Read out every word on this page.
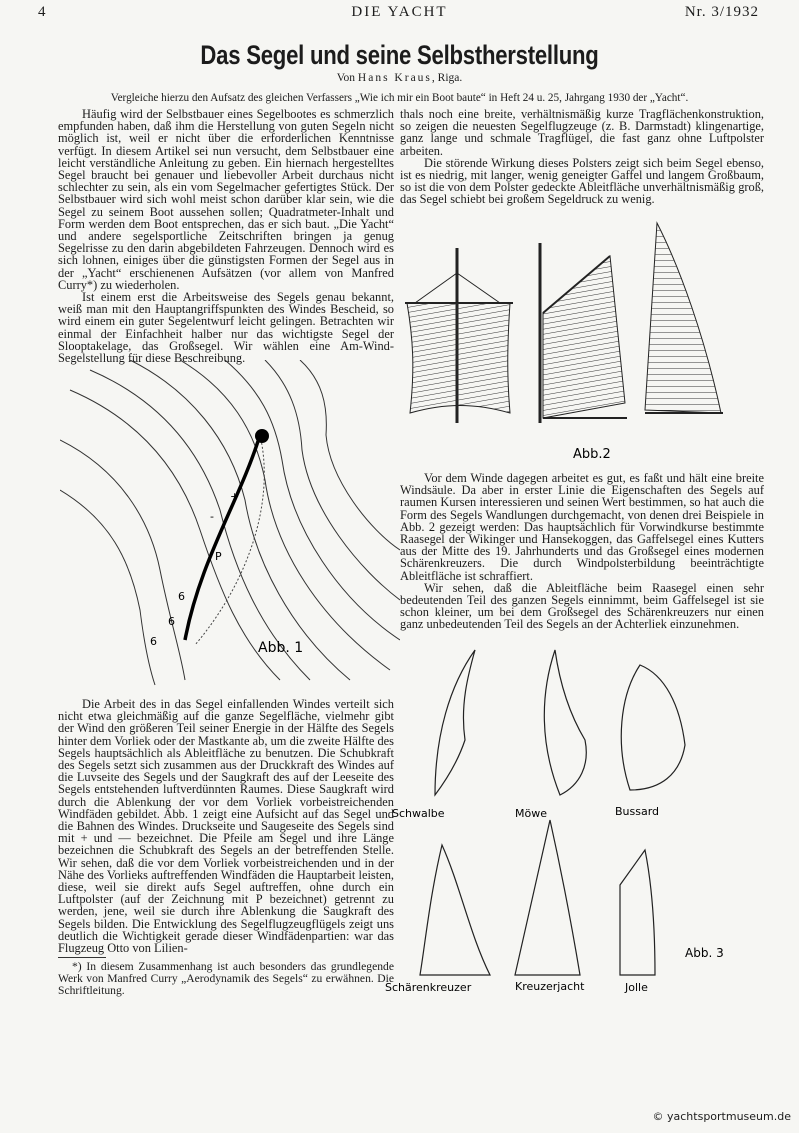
4	DIE YACHT	Nr. 3/1932
Das Segel und seine Selbstherstellung
Von Hans Kraus, Riga.
Vergleiche hierzu den Aufsatz des gleichen Verfassers „Wie ich mir ein Boot baute“ in Heft 24 u. 25, Jahrgang 1930 der „Yacht“.

Häufig wird der Selbstbauer eines Segelbootes es schmerzlich empfunden haben, daß ihm die Herstellung von guten Segeln nicht möglich ist, weil er nicht über die erforderlichen Kenntnisse verfügt. In diesem Artikel sei nun versucht, dem Selbstbauer eine leicht verständliche Anleitung zu geben. Ein hiernach hergestelltes Segel braucht bei genauer und liebevoller Arbeit durchaus nicht schlechter zu sein, als ein vom Segelmacher gefertigtes Stück. Der Selbstbauer wird sich wohl meist schon darüber klar sein, wie die Segel zu seinem Boot aussehen sollen; Quadratmeter-Inhalt und Form werden dem Boot entsprechen, das er sich baut. „Die Yacht“ und andere segelsportliche Zeitschriften bringen ja genug Segelrisse zu den darin abgebildeten Fahrzeugen. Dennoch wird es sich lohnen, einiges über die günstigsten Formen der Segel aus in der „Yacht“ erschienenen Aufsätzen (vor allem von Manfred Curry*) zu wiederholen.

Ist einem erst die Arbeitsweise des Segels genau bekannt, weiß man mit den Hauptangriffspunkten des Windes Bescheid, so wird einem ein guter Segelentwurf leicht gelingen. Betrachten wir einmal der Einfachheit halber nur das wichtigste Segel der Slooptakelage, das Großsegel. Wir wählen eine Am-Wind-Segelstellung für diese Beschreibung.

P
+
-
6
6
6	Abb. 1

Die Arbeit des in das Segel einfallenden Windes verteilt sich nicht etwa gleichmäßig auf die ganze Segelfläche, vielmehr gibt der Wind den größeren Teil seiner Energie in der Hälfte des Segels hinter dem Vorliek oder der Mastkante ab, um die zweite Hälfte des Segels hauptsächlich als Ableitfläche zu benutzen. Die Schubkraft des Segels setzt sich zusammen aus der Druckkraft des Windes auf die Luvseite des Segels und der Saugkraft des auf der Leeseite des Segels entstehenden luftverdünnten Raumes. Diese Saugkraft wird durch die Ablenkung der vor dem Vorliek vorbeistreichenden Windfäden gebildet. Abb. 1 zeigt eine Aufsicht auf das Segel und die Bahnen des Windes. Druckseite und Saugeseite des Segels sind mit + und — bezeichnet. Die Pfeile am Segel und ihre Länge bezeichnen die Schubkraft des Segels an der betreffenden Stelle. Wir sehen, daß die vor dem Vorliek vorbeistreichenden und in der Nähe des Vorlieks auftreffenden Windfäden die Hauptarbeit leisten, diese, weil sie direkt aufs Segel auftreffen, ohne durch ein Luftpolster (auf der Zeichnung mit P bezeichnet) getrennt zu werden, jene, weil sie durch ihre Ablenkung die Saugkraft des Segels bilden. Die Entwicklung des Segelflugzeugflügels zeigt uns deutlich die Wichtigkeit gerade dieser Windfädenpartien: war das Flugzeug Otto von Lilien-

*) In diesem Zusammenhang ist auch besonders das grundlegende Werk von Manfred Curry „Aerodynamik des Segels“ zu erwähnen. Die Schriftleitung.

thals noch eine breite, verhältnismäßig kurze Tragflächenkonstruktion, so zeigen die neuesten Segelflugzeuge (z. B. Darmstadt) klingenartige, ganz lange und schmale Tragflügel, die fast ganz ohne Luftpolster arbeiten.

Die störende Wirkung dieses Polsters zeigt sich beim Segel ebenso, ist es niedrig, mit langer, wenig geneigter Gaffel und langem Großbaum, so ist die von dem Polster gedeckte Ableitfläche unverhältnismäßig groß, das Segel schiebt bei großem Segeldruck zu wenig.

Abb.2

Vor dem Winde dagegen arbeitet es gut, es faßt und hält eine breite Windsäule. Da aber in erster Linie die Eigenschaften des Segels auf raumen Kursen interessieren und seinen Wert bestimmen, so hat auch die Form des Segels Wandlungen durchgemacht, von denen drei Beispiele in Abb. 2 gezeigt werden: Das hauptsächlich für Vorwindkurse bestimmte Raasegel der Wikinger und Hansekoggen, das Gaffelsegel eines Kutters aus der Mitte des 19. Jahrhunderts und das Großsegel eines modernen Schärenkreuzers. Die durch Windpolsterbildung beeinträchtigte Ableitfläche ist schraffiert.

Wir sehen, daß die Ableitfläche beim Raasegel einen sehr bedeutenden Teil des ganzen Segels einnimmt, beim Gaffelsegel ist sie schon kleiner, um bei dem Großsegel des Schärenkreuzers nur einen ganz unbedeutenden Teil des Segels an der Achterliek einzunehmen.

Schwalbe	Möwe	Bussard
Schärenkreuzer	Kreuzerjacht	Jolle
Abb. 3
© yachtsportmuseum.de
